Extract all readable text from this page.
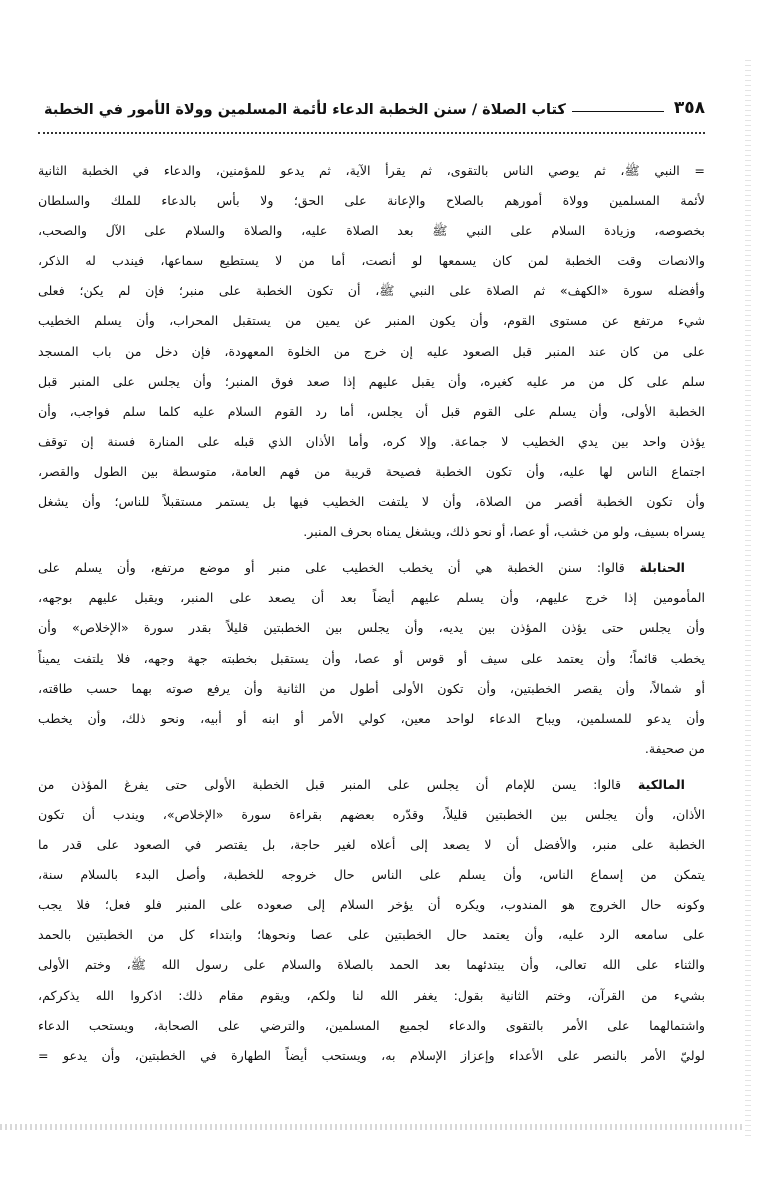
٣٥٨
كتاب الصلاة / سنن الخطبة الدعاء لأئمة المسلمين وولاة الأمور في الخطبة
= النبي ﷺ، ثم يوصي الناس بالتقوى، ثم يقرأ الآية، ثم يدعو للمؤمنين، والدعاء في الخطبة الثانية
لأئمة المسلمين وولاة أمورهم بالصلاح والإعانة على الحق؛ ولا بأس بالدعاء للملك والسلطان
بخصوصه، وزيادة السلام على النبي ﷺ بعد الصلاة عليه، والصلاة والسلام على الآل والصحب،
والانصات وقت الخطبة لمن كان يسمعها لو أنصت، أما من لا يستطيع سماعها، فيندب له الذكر،
وأفضله سورة «الكهف» ثم الصلاة على النبي ﷺ، أن تكون الخطبة على منبر؛ فإن لم يكن؛ فعلى
شيء مرتفع عن مستوى القوم، وأن يكون المنبر عن يمين من يستقبل المحراب، وأن يسلم الخطيب
على من كان عند المنبر قبل الصعود عليه إن خرج من الخلوة المعهودة، فإن دخل من باب المسجد
سلم على كل من مر عليه كغيره، وأن يقبل عليهم إذا صعد فوق المنبر؛ وأن يجلس على المنبر قبل
الخطبة الأولى، وأن يسلم على القوم قبل أن يجلس، أما رد القوم السلام عليه كلما سلم فواجب، وأن
يؤذن واحد بين يدي الخطيب لا جماعة. وإلا كره، وأما الأذان الذي قبله على المنارة فسنة إن توقف
اجتماع الناس لها عليه، وأن تكون الخطبة فصيحة قريبة من فهم العامة، متوسطة بين الطول والقصر،
وأن تكون الخطبة أقصر من الصلاة، وأن لا يلتفت الخطيب فيها بل يستمر مستقبلاً للناس؛ وأن يشغل
يسراه بسيف، ولو من خشب، أو عصا، أو نحو ذلك، ويشغل يمناه بحرف المنبر.
الحنابلة قالوا: سنن الخطبة هي أن يخطب الخطيب على منبر أو موضع مرتفع، وأن يسلم على
المأمومين إذا خرج عليهم، وأن يسلم عليهم أيضاً بعد أن يصعد على المنبر، ويقبل عليهم بوجهه،
وأن يجلس حتى يؤذن المؤذن بين يديه، وأن يجلس بين الخطبتين قليلاً بقدر سورة «الإخلاص» وأن
يخطب قائماً؛ وأن يعتمد على سيف أو قوس أو عصا، وأن يستقبل بخطبته جهة وجهه، فلا يلتفت يميناً
أو شمالاً، وأن يقصر الخطبتين، وأن تكون الأولى أطول من الثانية وأن يرفع صوته بهما حسب طاقته،
وأن يدعو للمسلمين، ويباح الدعاء لواحد معين، كولي الأمر أو ابنه أو أبيه، ونحو ذلك، وأن يخطب
من صحيفة.
المالكية قالوا: يسن للإمام أن يجلس على المنبر قبل الخطبة الأولى حتى يفرغ المؤذن من
الأذان، وأن يجلس بين الخطبتين قليلاً، وقدّره بعضهم بقراءة سورة «الإخلاص»، ويندب أن تكون
الخطبة على منبر، والأفضل أن لا يصعد إلى أعلاه لغير حاجة، بل يقتصر في الصعود على قدر ما
يتمكن من إسماع الناس، وأن يسلم على الناس حال خروجه للخطبة، وأصل البدء بالسلام سنة،
وكونه حال الخروج هو المندوب، ويكره أن يؤخر السلام إلى صعوده على المنبر فلو فعل؛ فلا يجب
على سامعه الرد عليه، وأن يعتمد حال الخطبتين على عصا ونحوها؛ وابتداء كل من الخطبتين بالحمد
والثناء على الله تعالى، وأن يبتدئهما بعد الحمد بالصلاة والسلام على رسول الله ﷺ، وختم الأولى
بشيء من القرآن، وختم الثانية بقول: يغفر الله لنا ولكم، ويقوم مقام ذلك: اذكروا الله يذكركم،
واشتمالهما على الأمر بالتقوى والدعاء لجميع المسلمين، والترضي على الصحابة، ويستحب الدعاء
لوليّ الأمر بالنصر على الأعداء وإعزاز الإسلام به، ويستحب أيضاً الطهارة في الخطبتين، وأن يدعو =
